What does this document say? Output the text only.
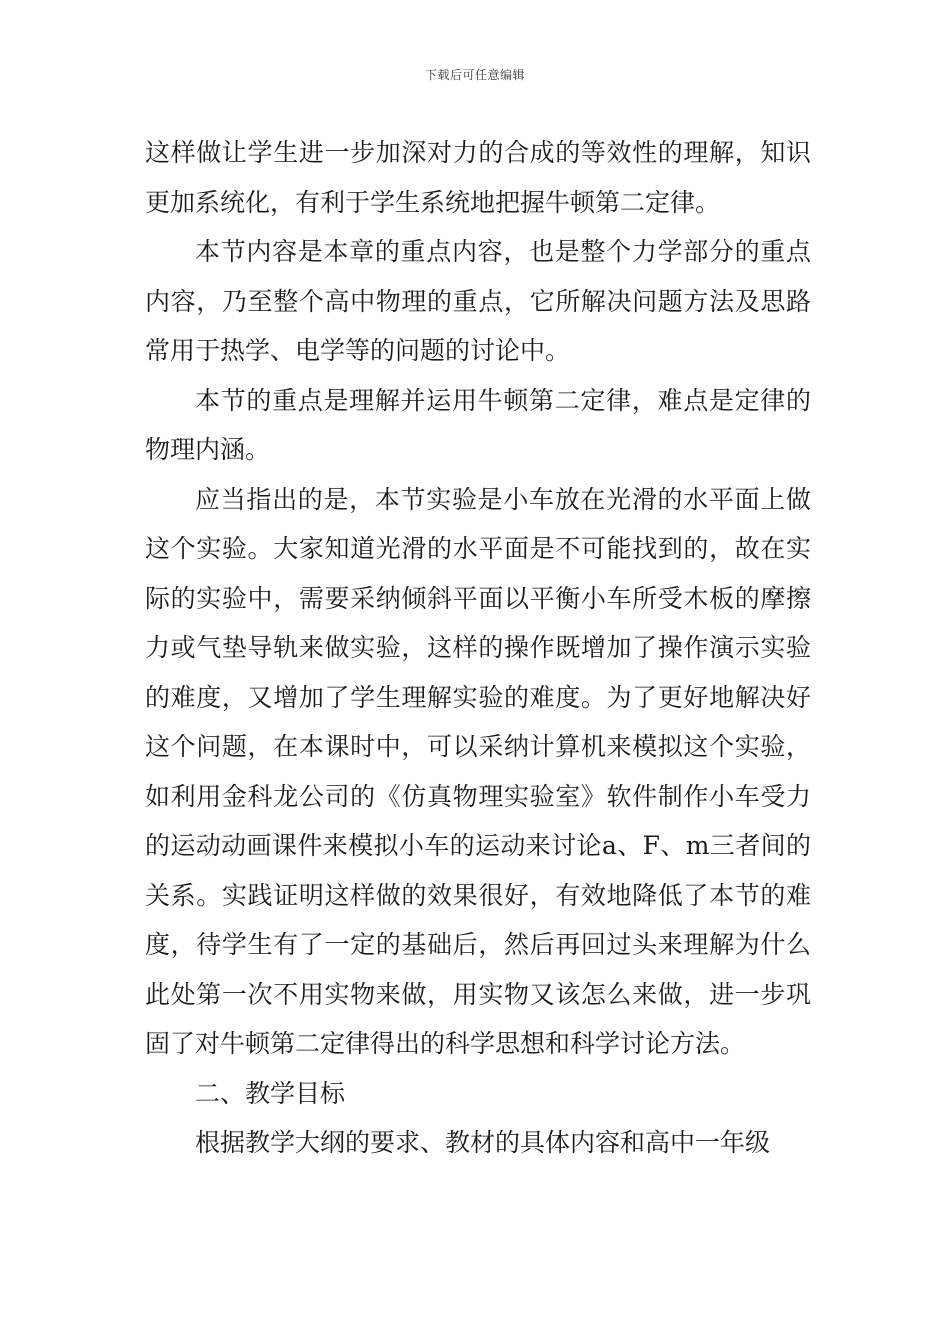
下载后可任意编辑

这样做让学生进一步加深对力的合成的等效性的理解，知识更加系统化，有利于学生系统地把握牛顿第二定律。

本节内容是本章的重点内容，也是整个力学部分的重点内容，乃至整个高中物理的重点，它所解决问题方法及思路常用于热学、电学等的问题的讨论中。

本节的重点是理解并运用牛顿第二定律，难点是定律的物理内涵。

应当指出的是，本节实验是小车放在光滑的水平面上做这个实验。大家知道光滑的水平面是不可能找到的，故在实际的实验中，需要采纳倾斜平面以平衡小车所受木板的摩擦力或气垫导轨来做实验，这样的操作既增加了操作演示实验的难度，又增加了学生理解实验的难度。为了更好地解决好这个问题，在本课时中，可以采纳计算机来模拟这个实验，如利用金科龙公司的《仿真物理实验室》软件制作小车受力的运动动画课件来模拟小车的运动来讨论a、F、m三者间的关系。实践证明这样做的效果很好，有效地降低了本节的难度，待学生有了一定的基础后，然后再回过头来理解为什么此处第一次不用实物来做，用实物又该怎么来做，进一步巩固了对牛顿第二定律得出的科学思想和科学讨论方法。

二、教学目标

根据教学大纲的要求、教材的具体内容和高中一年级
